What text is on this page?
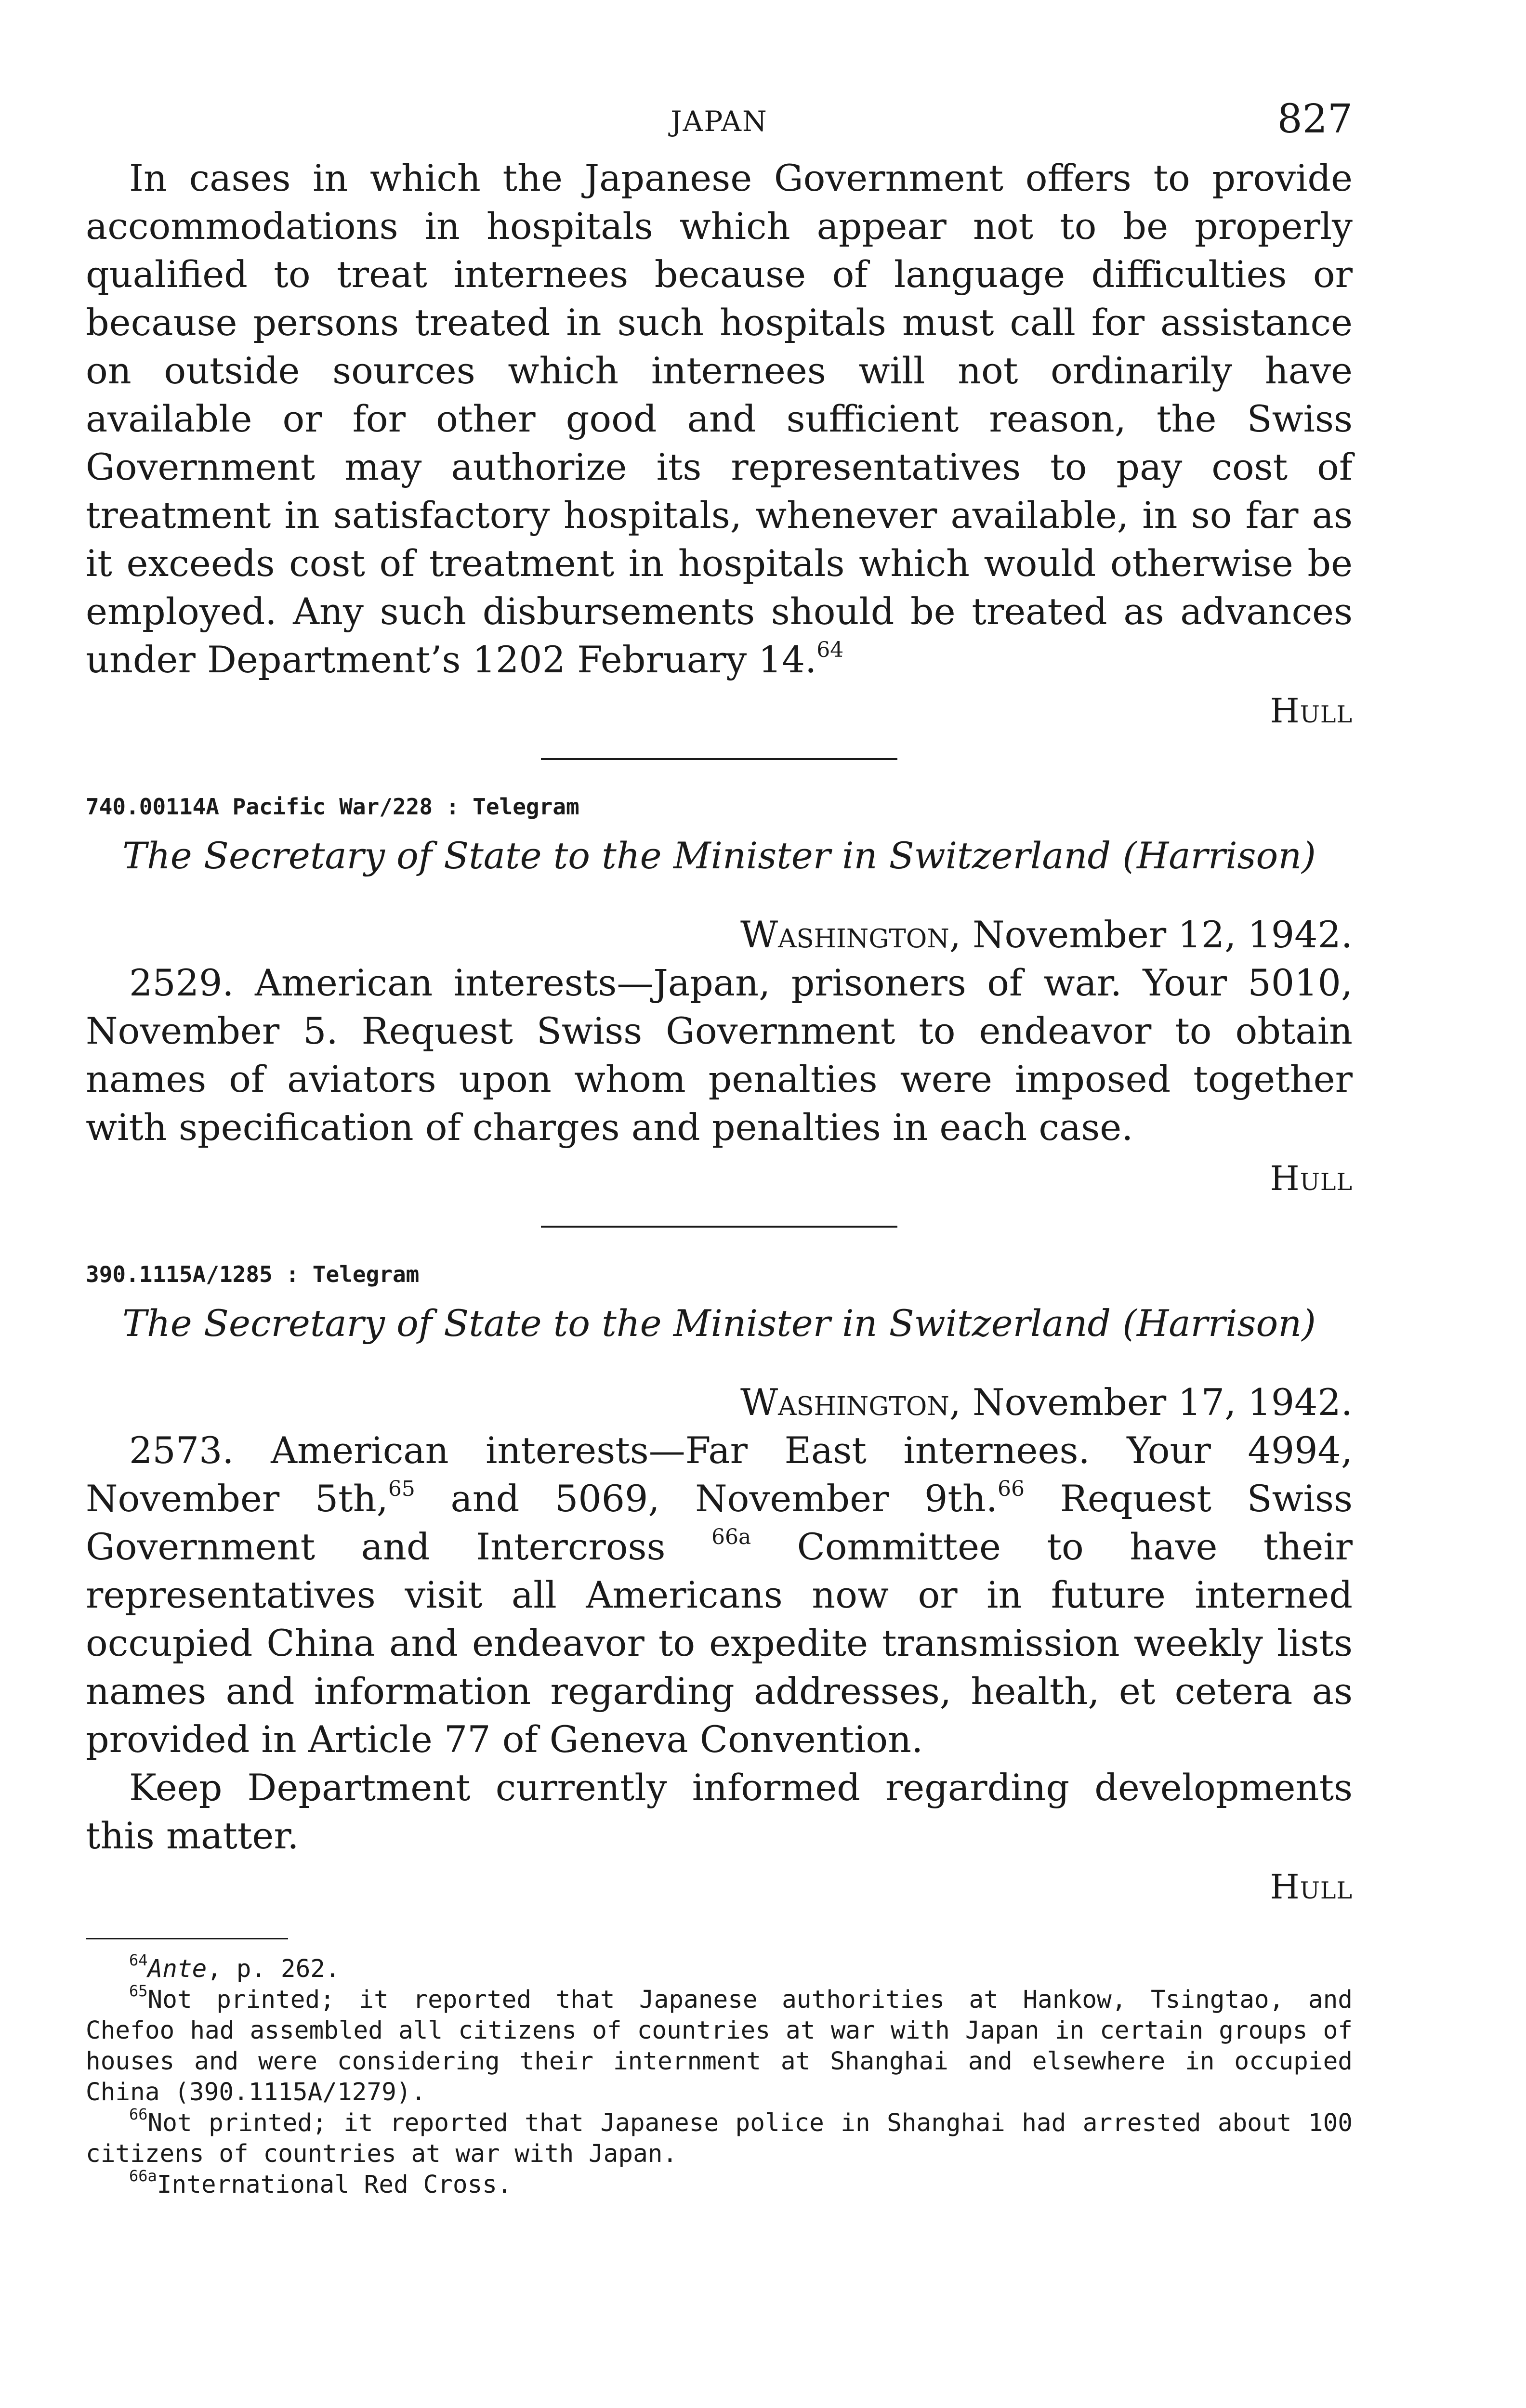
JAPAN	827

In cases in which the Japanese Government offers to provide accommodations in hospitals which appear not to be properly qualified to treat internees because of language difficulties or because persons treated in such hospitals must call for assistance on outside sources which internees will not ordinarily have available or for other good and sufficient reason, the Swiss Government may authorize its representatives to pay cost of treatment in satisfactory hospitals, whenever available, in so far as it exceeds cost of treatment in hospitals which would otherwise be employed. Any such disbursements should be treated as advances under Department’s 1202 February 14.64

Hull
740.00114A Pacific War/228 : Telegram
The Secretary of State to the Minister in Switzerland (Harrison)
Washington, November 12, 1942.

2529. American interests—Japan, prisoners of war. Your 5010, November 5. Request Swiss Government to endeavor to obtain names of aviators upon whom penalties were imposed together with specification of charges and penalties in each case.

Hull
390.1115A/1285 : Telegram
The Secretary of State to the Minister in Switzerland (Harrison)
Washington, November 17, 1942.

2573. American interests—Far East internees. Your 4994, November 5th,$^{65}$ and 5069, November 9th.$^{66}$ Request Swiss Government and Intercross $^{66a}$ Committee to have their representatives visit all Americans now or in future interned occupied China and endeavor to expedite transmission weekly lists names and information regarding addresses, health, et cetera as provided in Article 77 of Geneva Convention.

Keep Department currently informed regarding developments this matter.

Hull
$^{64}$Ante, p. 262.
$^{65}$Not printed; it reported that Japanese authorities at Hankow, Tsingtao, and Chefoo had assembled all citizens of countries at war with Japan in certain groups of houses and were considering their internment at Shanghai and elsewhere in occupied China (390.1115A/1279).
$^{66}$Not printed; it reported that Japanese police in Shanghai had arrested about 100 citizens of countries at war with Japan.
$^{66a}$International Red Cross.
